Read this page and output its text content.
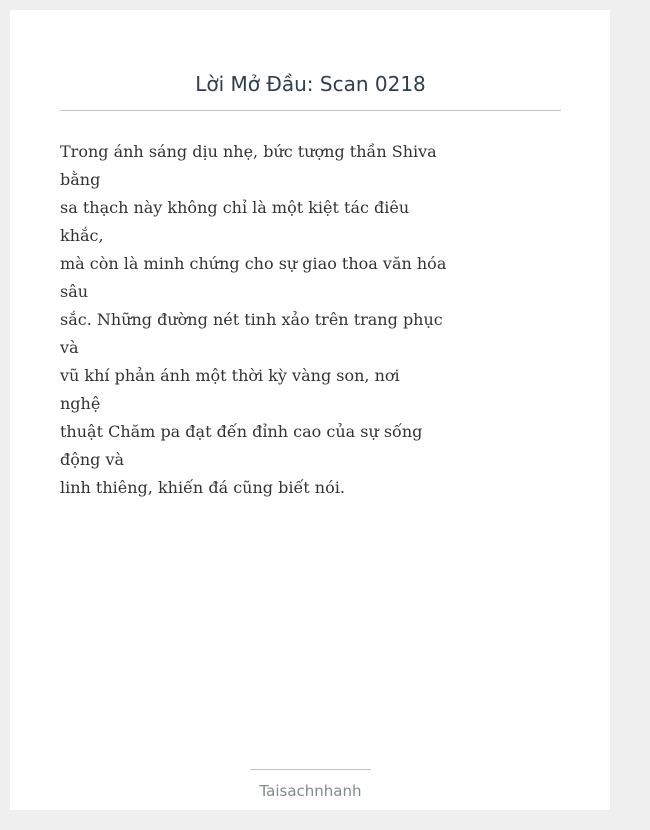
Lời Mở Đầu: Scan 0218
Trong ánh sáng dịu nhẹ, bức tượng thần Shiva
bằng
sa thạch này không chỉ là một kiệt tác điêu
khắc,
mà còn là minh chứng cho sự giao thoa văn hóa
sâu
sắc. Những đường nét tinh xảo trên trang phục
và
vũ khí phản ánh một thời kỳ vàng son, nơi
nghệ
thuật Chăm pa đạt đến đỉnh cao của sự sống
động và
linh thiêng, khiến đá cũng biết nói.
Taisachnhanh
